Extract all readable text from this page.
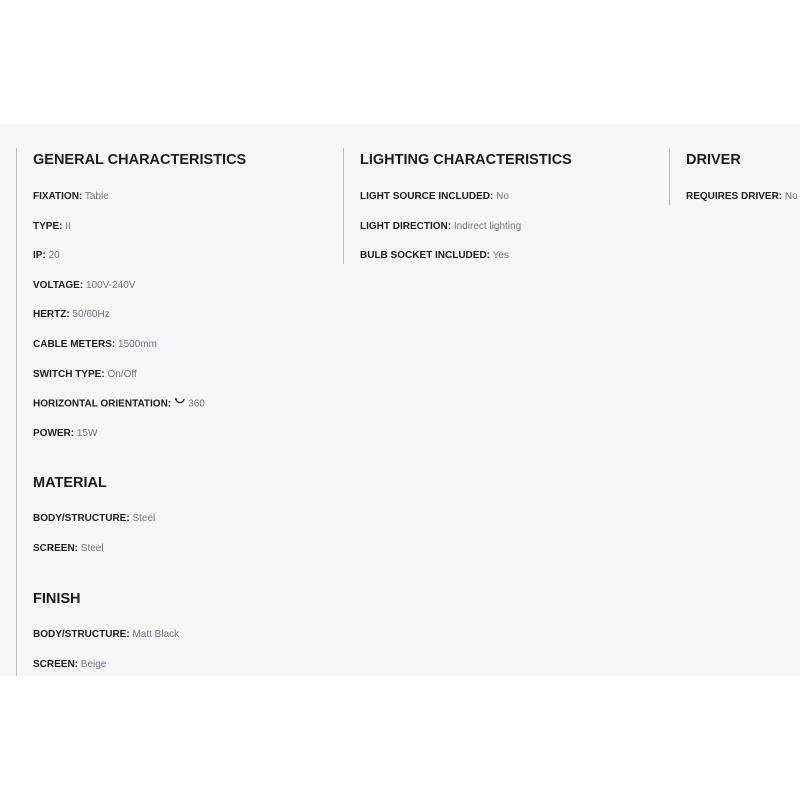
GENERAL CHARACTERISTICS
FIXATION: Table
TYPE: II
IP: 20
VOLTAGE: 100V-240V
HERTZ: 50/60Hz
CABLE METERS: 1500mm
SWITCH TYPE: On/Off
HORIZONTAL ORIENTATION: 360
POWER: 15W
MATERIAL
BODY/STRUCTURE: Steel
SCREEN: Steel
FINISH
BODY/STRUCTURE: Matt Black
SCREEN: Beige
LIGHTING CHARACTERISTICS
LIGHT SOURCE INCLUDED: No
LIGHT DIRECTION: Indirect lighting
BULB SOCKET INCLUDED: Yes
DRIVER
REQUIRES DRIVER: No
